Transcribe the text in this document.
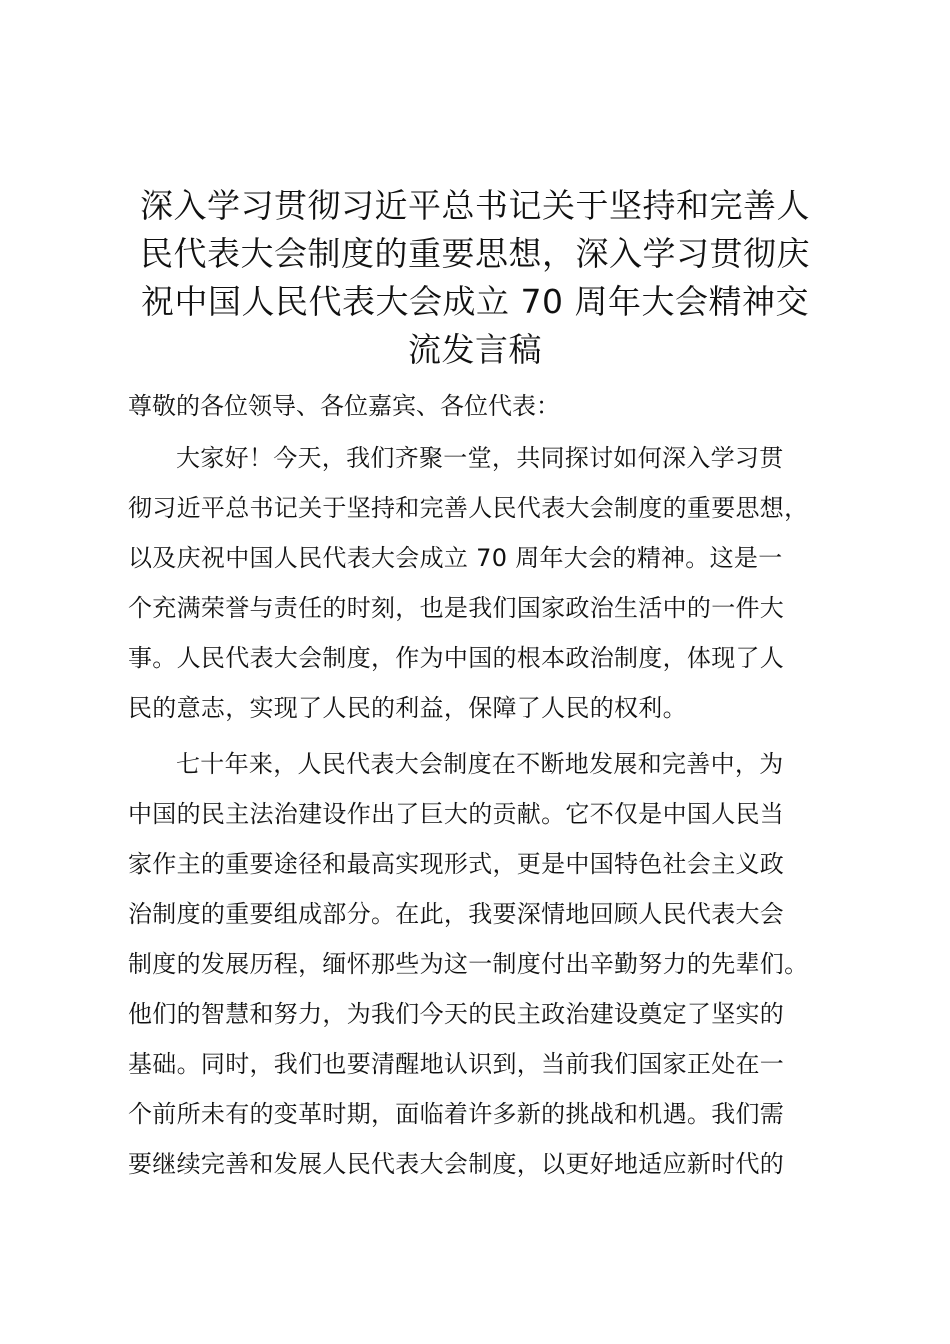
深入学习贯彻习近平总书记关于坚持和完善人
民代表大会制度的重要思想，深入学习贯彻庆
祝中国人民代表大会成立 70 周年大会精神交
流发言稿

尊敬的各位领导、各位嘉宾、各位代表：

大家好！今天，我们齐聚一堂，共同探讨如何深入学习贯
彻习近平总书记关于坚持和完善人民代表大会制度的重要思想，
以及庆祝中国人民代表大会成立 70 周年大会的精神。这是一
个充满荣誉与责任的时刻，也是我们国家政治生活中的一件大
事。人民代表大会制度，作为中国的根本政治制度，体现了人
民的意志，实现了人民的利益，保障了人民的权利。
七十年来，人民代表大会制度在不断地发展和完善中，为
中国的民主法治建设作出了巨大的贡献。它不仅是中国人民当
家作主的重要途径和最高实现形式，更是中国特色社会主义政
治制度的重要组成部分。在此，我要深情地回顾人民代表大会
制度的发展历程，缅怀那些为这一制度付出辛勤努力的先辈们。
他们的智慧和努力，为我们今天的民主政治建设奠定了坚实的
基础。同时，我们也要清醒地认识到，当前我们国家正处在一
个前所未有的变革时期，面临着许多新的挑战和机遇。我们需
要继续完善和发展人民代表大会制度，以更好地适应新时代的
